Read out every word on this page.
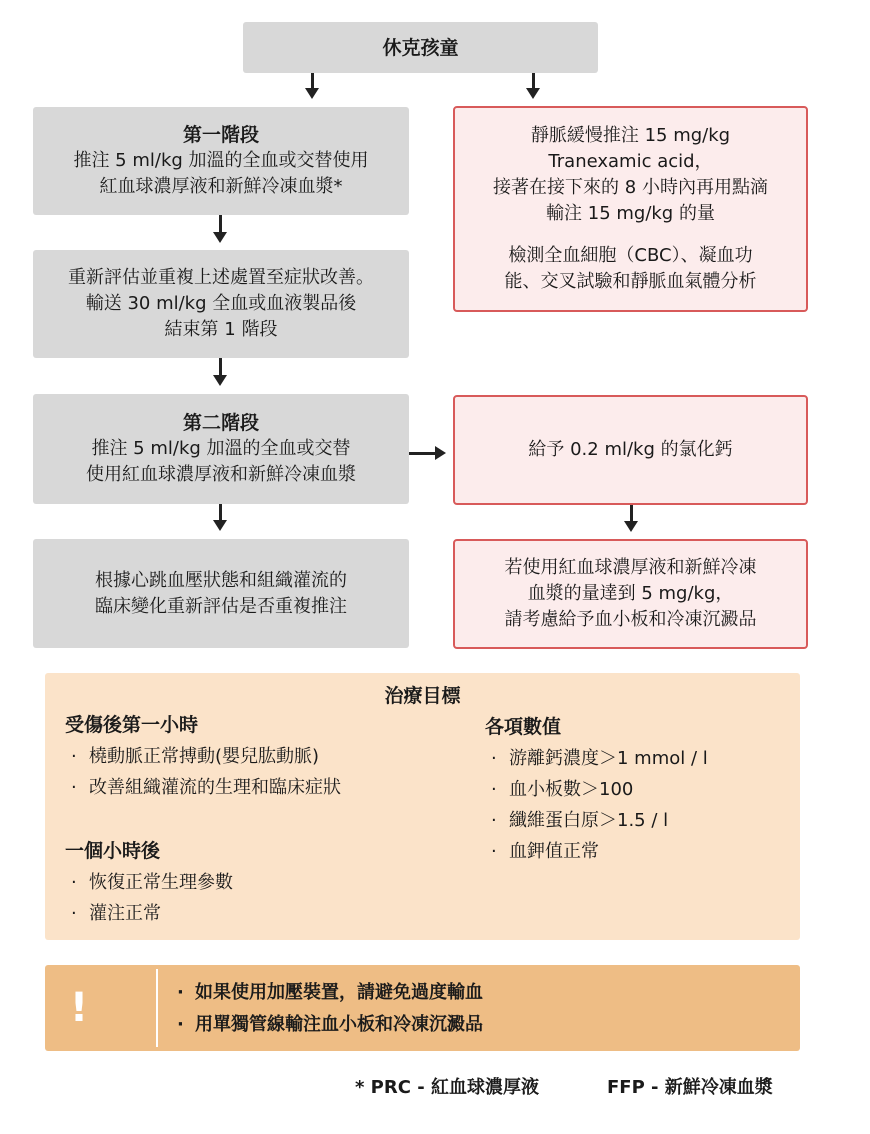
休克孩童
第一階段
推注 5 ml/kg 加溫的全血或交替使用
紅血球濃厚液和新鮮冷凍血漿*
重新評估並重複上述處置至症狀改善。
輸送 30 ml/kg 全血或血液製品後
結束第 1 階段
第二階段
推注 5 ml/kg 加溫的全血或交替
使用紅血球濃厚液和新鮮冷凍血漿
根據心跳血壓狀態和組織灌流的
臨床變化重新評估是否重複推注
靜脈緩慢推注 15 mg/kg
Tranexamic acid，
接著在接下來的 8 小時內再用點滴
輸注 15 mg/kg 的量
檢測全血細胞（CBC）、凝血功
能、交叉試驗和靜脈血氣體分析
給予 0.2 ml/kg 的氯化鈣
若使用紅血球濃厚液和新鮮冷凍
血漿的量達到 5 mg/kg，
請考慮給予血小板和冷凍沉澱品
治療目標
受傷後第一小時
· 橈動脈正常搏動(嬰兒肱動脈)
· 改善組織灌流的生理和臨床症狀
一個小時後
· 恢復正常生理參數
· 灌注正常
各項數值
· 游離鈣濃度＞1 mmol / l
· 血小板數＞100
· 纖維蛋白原＞1.5 / l
· 血鉀值正常
!
·	如果使用加壓裝置，請避免過度輸血
· 用單獨管線輸注血小板和冷凍沉澱品
* PRC - 紅血球濃厚液	FFP - 新鮮冷凍血漿
